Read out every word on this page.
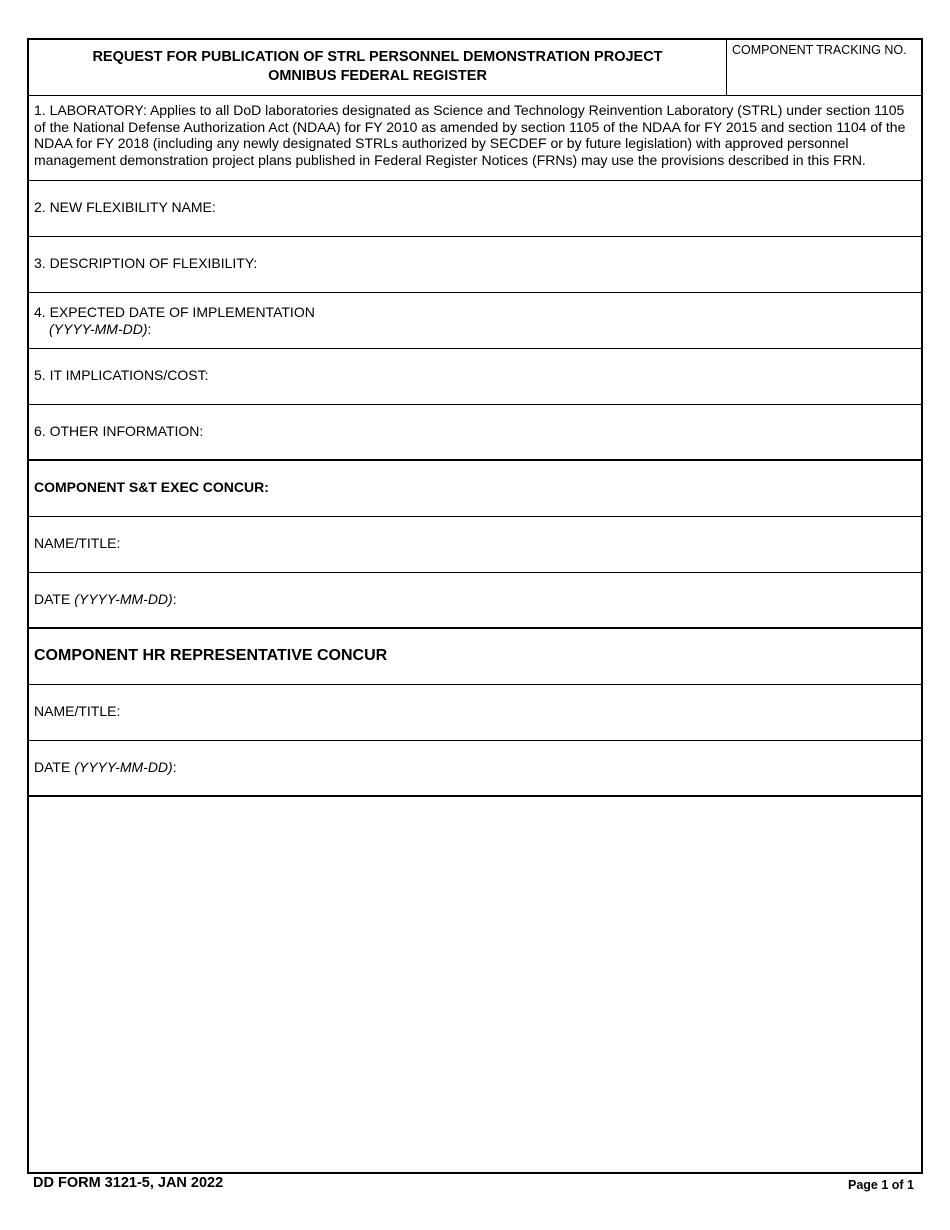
REQUEST FOR PUBLICATION OF STRL PERSONNEL DEMONSTRATION PROJECT
OMNIBUS FEDERAL REGISTER
COMPONENT TRACKING NO.
1. LABORATORY: Applies to all DoD laboratories designated as Science and Technology Reinvention Laboratory (STRL) under section 1105 of the National Defense Authorization Act (NDAA) for FY 2010 as amended by section 1105 of the NDAA for FY 2015 and section 1104 of the NDAA for FY 2018 (including any newly designated STRLs authorized by SECDEF or by future legislation) with approved personnel management demonstration project plans published in Federal Register Notices (FRNs) may use the provisions described in this FRN.
2. NEW FLEXIBILITY NAME:
3. DESCRIPTION OF FLEXIBILITY:
4. EXPECTED DATE OF IMPLEMENTATION
(YYYY-MM-DD):
5. IT IMPLICATIONS/COST:
6. OTHER INFORMATION:
COMPONENT S&T EXEC CONCUR:
NAME/TITLE:
DATE (YYYY-MM-DD):
COMPONENT HR REPRESENTATIVE CONCUR
NAME/TITLE:
DATE (YYYY-MM-DD):
DD FORM 3121-5, JAN 2022	Page 1 of 1
